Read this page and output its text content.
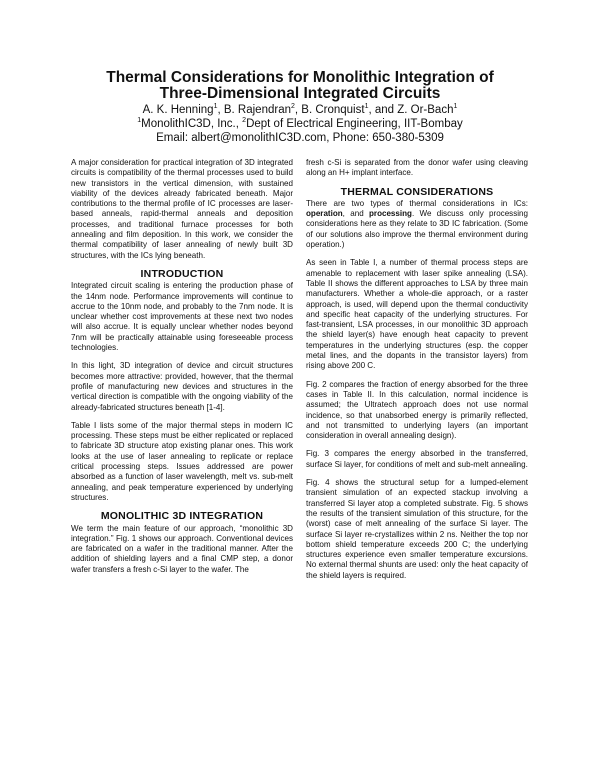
Thermal Considerations for Monolithic Integration of
Three-Dimensional Integrated Circuits
A. K. Henning$^1$, B. Rajendran$^2$, B. Cronquist$^1$, and Z. Or-Bach$^1$
$^1$MonolithIC3D, Inc., $^2$Dept of Electrical Engineering, IIT-Bombay
Email: albert@monolithIC3D.com, Phone: 650-380-5309

A major consideration for practical integration of 3D integrated circuits is compatibility of the thermal processes used to build new transistors in the vertical dimension, with sustained viability of the devices already fabricated beneath. Major contributions to the thermal profile of IC processes are laser-based anneals, rapid-thermal anneals and deposition processes, and traditional furnace processes for both annealing and film deposition. In this work, we consider the thermal compatibility of laser annealing of newly built 3D structures, with the ICs lying beneath.

INTRODUCTION

Integrated circuit scaling is entering the production phase of the 14nm node. Performance improvements will continue to accrue to the 10nm node, and probably to the 7nm node. It is unclear whether cost improvements at these next two nodes will also accrue. It is equally unclear whether nodes beyond 7nm will be practically attainable using foreseeable process technologies.

In this light, 3D integration of device and circuit structures becomes more attractive: provided, however, that the thermal profile of manufacturing new devices and structures in the vertical direction is compatible with the ongoing viability of the already-fabricated structures beneath [1-4].

Table I lists some of the major thermal steps in modern IC processing. These steps must be either replicated or replaced to fabricate 3D structure atop existing planar ones. This work looks at the use of laser annealing to replicate or replace critical processing steps. Issues addressed are power absorbed as a function of laser wavelength, melt vs. sub-melt annealing, and peak temperature experienced by underlying structures.

MONOLITHIC 3D INTEGRATION

We term the main feature of our approach, “monolithic 3D integration.” Fig. 1 shows our approach. Conventional devices are fabricated on a wafer in the traditional manner. After the addition of shielding layers and a final CMP step, a donor wafer transfers a fresh c-Si layer to the wafer. The

fresh c-Si is separated from the donor wafer using cleaving along an H+ implant interface.

THERMAL CONSIDERATIONS

There are two types of thermal considerations in ICs: operation, and processing. We discuss only processing considerations here as they relate to 3D IC fabrication. (Some of our solutions also improve the thermal environment during operation.)

As seen in Table I, a number of thermal process steps are amenable to replacement with laser spike annealing (LSA). Table II shows the different approaches to LSA by three main manufacturers. Whether a whole-die approach, or a raster approach, is used, will depend upon the thermal conductivity and specific heat capacity of the underlying structures. For fast-transient, LSA processes, in our monolithic 3D approach the shield layer(s) have enough heat capacity to prevent temperatures in the underlying structures (esp. the copper metal lines, and the dopants in the transistor layers) from rising above 200 C.

Fig. 2 compares the fraction of energy absorbed for the three cases in Table II. In this calculation, normal incidence is assumed; the Ultratech approach does not use normal incidence, so that unabsorbed energy is primarily reflected, and not transmitted to underlying layers (an important consideration in overall annealing design).

Fig. 3 compares the energy absorbed in the transferred, surface Si layer, for conditions of melt and sub-melt annealing.

Fig. 4 shows the structural setup for a lumped-element transient simulation of an expected stackup involving a transferred Si layer atop a completed substrate. Fig. 5 shows the results of the transient simulation of this structure, for the (worst) case of melt annealing of the surface Si layer. The surface Si layer re-crystallizes within 2 ns. Neither the top nor bottom shield temperature exceeds 200 C; the underlying structures experience even smaller temperature excursions. No external thermal shunts are used: only the heat capacity of the shield layers is required.
